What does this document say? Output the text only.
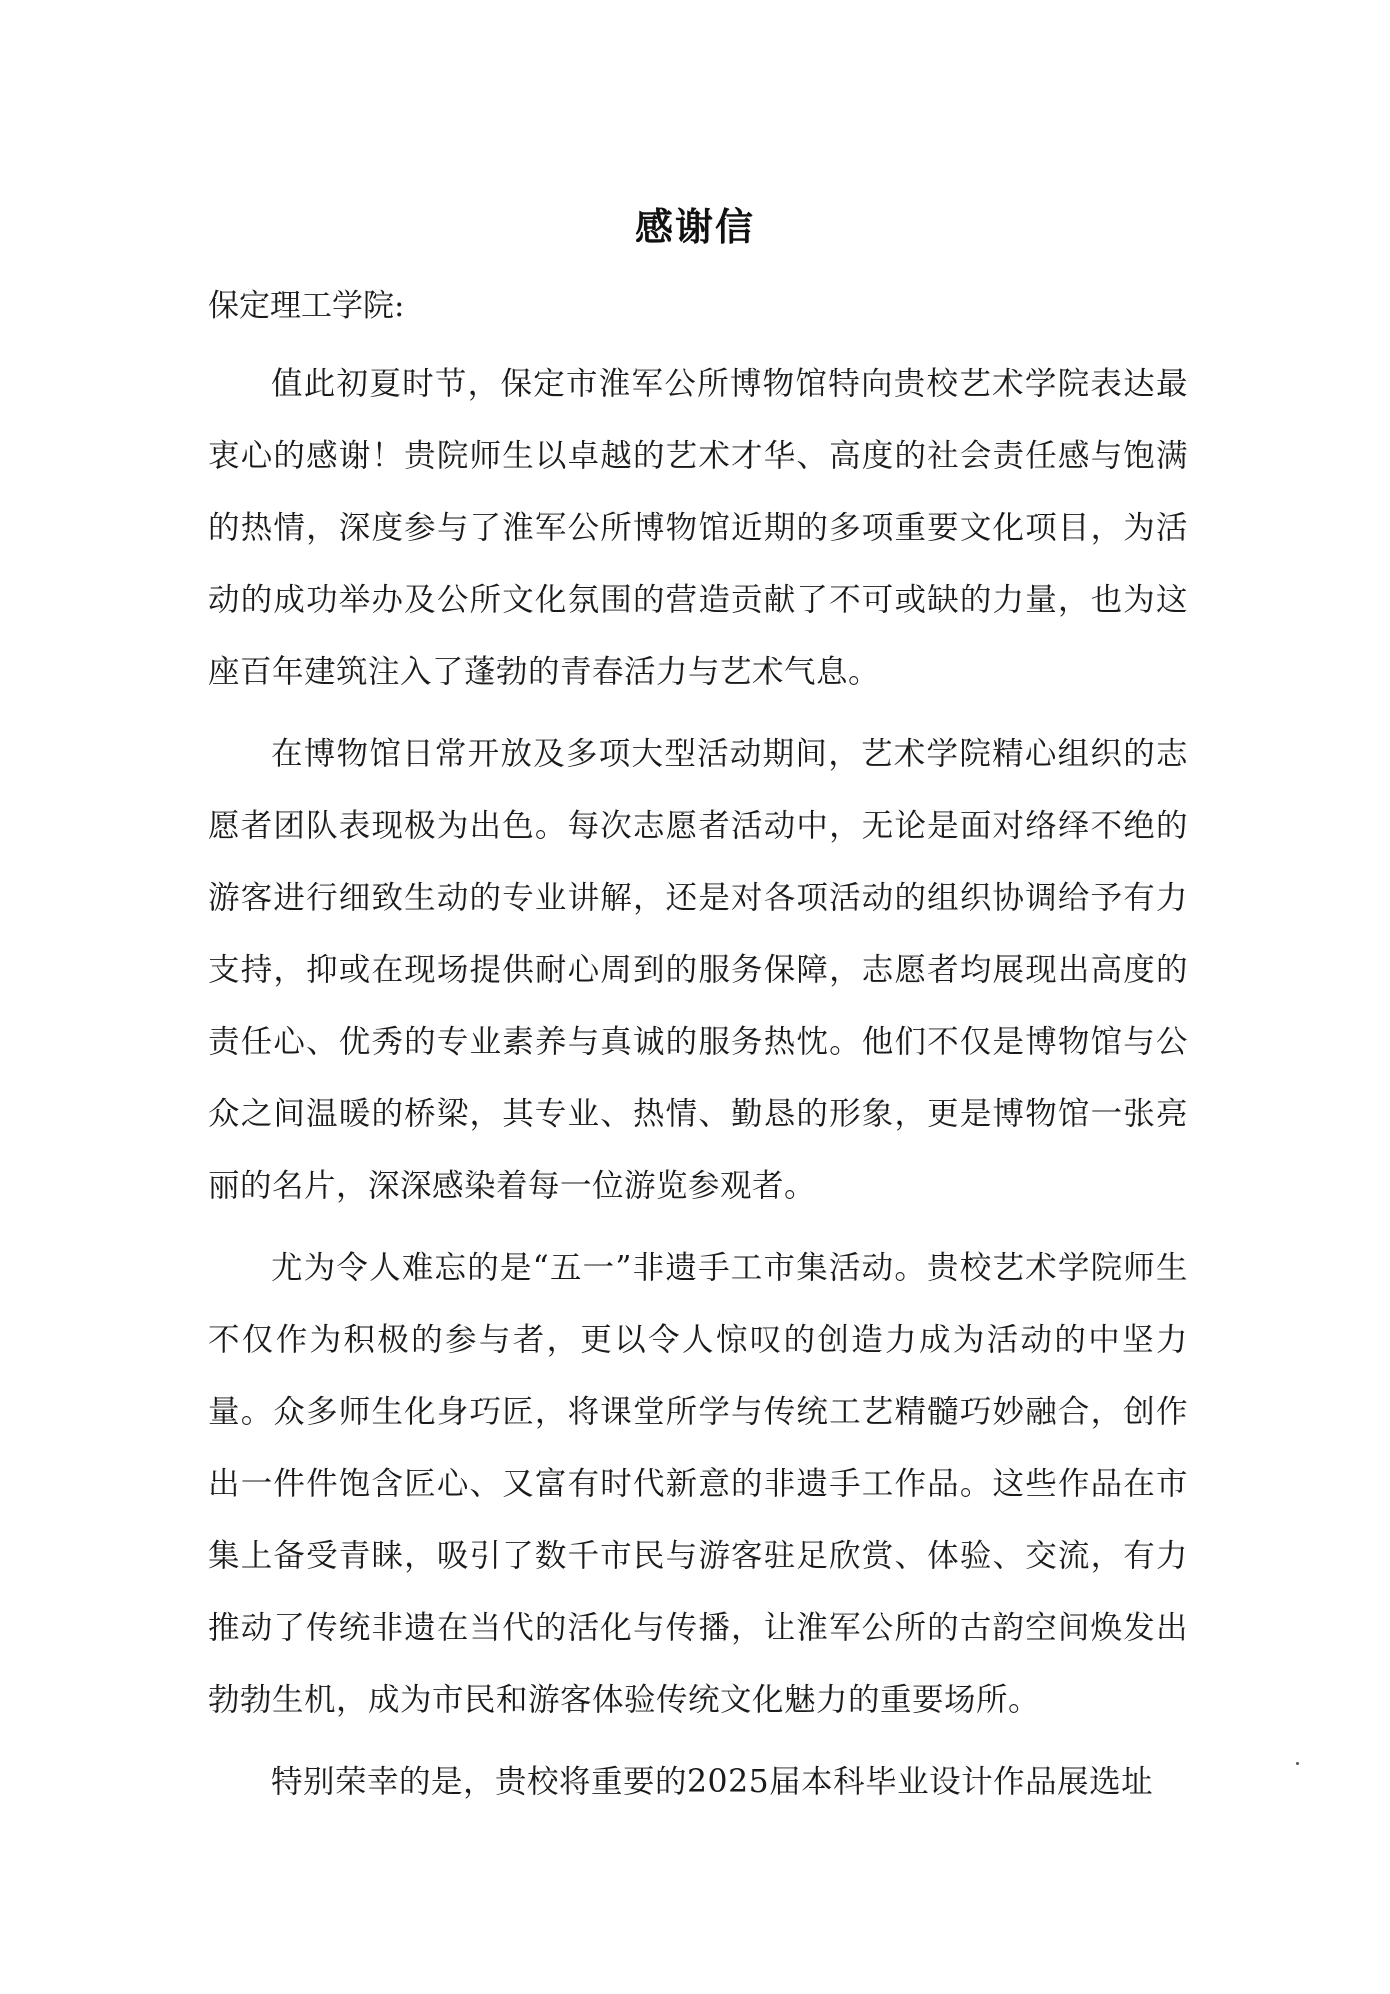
感谢信
保定理工学院:

值此初夏时节，保定市淮军公所博物馆特向贵校艺术学院表达最衷心的感谢！贵院师生以卓越的艺术才华、高度的社会责任感与饱满的热情，深度参与了淮军公所博物馆近期的多项重要文化项目，为活动的成功举办及公所文化氛围的营造贡献了不可或缺的力量，也为这座百年建筑注入了蓬勃的青春活力与艺术气息。

在博物馆日常开放及多项大型活动期间，艺术学院精心组织的志愿者团队表现极为出色。每次志愿者活动中，无论是面对络绎不绝的游客进行细致生动的专业讲解，还是对各项活动的组织协调给予有力支持，抑或在现场提供耐心周到的服务保障，志愿者均展现出高度的责任心、优秀的专业素养与真诚的服务热忱。他们不仅是博物馆与公众之间温暖的桥梁，其专业、热情、勤恳的形象，更是博物馆一张亮丽的名片，深深感染着每一位游览参观者。

尤为令人难忘的是“五一”非遗手工市集活动。贵校艺术学院师生不仅作为积极的参与者，更以令人惊叹的创造力成为活动的中坚力量。众多师生化身巧匠，将课堂所学与传统工艺精髓巧妙融合，创作出一件件饱含匠心、又富有时代新意的非遗手工作品。这些作品在市集上备受青睐，吸引了数千市民与游客驻足欣赏、体验、交流，有力推动了传统非遗在当代的活化与传播，让淮军公所的古韵空间焕发出勃勃生机，成为市民和游客体验传统文化魅力的重要场所。

特别荣幸的是，贵校将重要的2025届本科毕业设计作品展选址
